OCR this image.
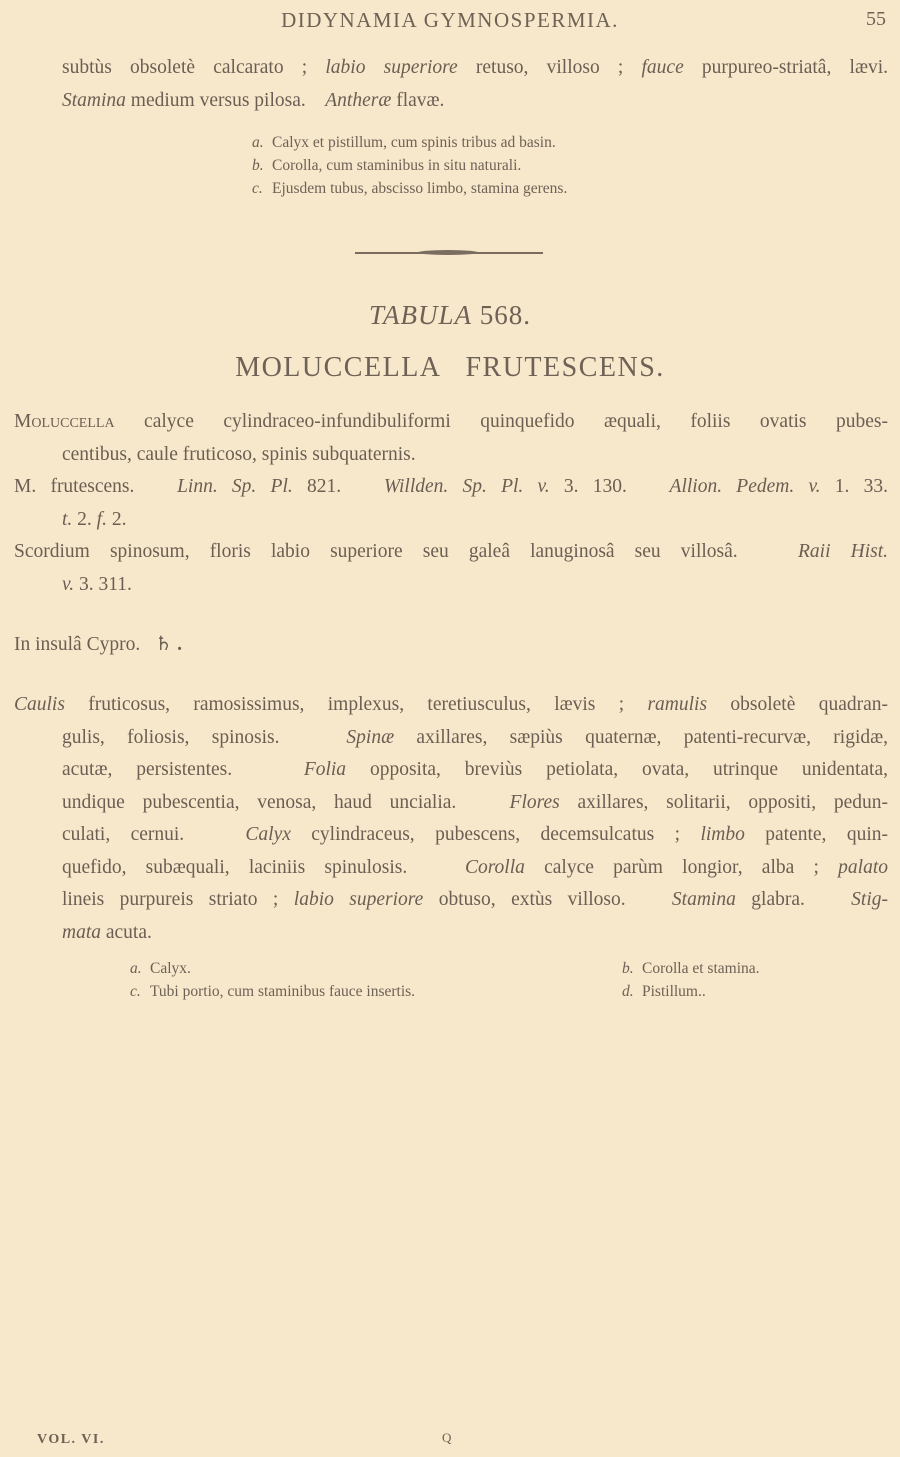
DIDYNAMIA GYMNOSPERMIA.	55
subtùs obsoletè calcarato ; labio superiore retuso, villoso ; fauce purpureo-striatâ, lævi.
Stamina medium versus pilosa.    Antheræ flavæ.
a. Calyx et pistillum, cum spinis tribus ad basin.
b. Corolla, cum staminibus in situ naturali.
c. Ejusdem tubus, abscisso limbo, stamina gerens.
TABULA 568.
MOLUCCELLA   FRUTESCENS.
Moluccella calyce cylindraceo-infundibuliformi quinquefido æquali, foliis ovatis pubes-
centibus, caule fruticoso, spinis subquaternis.
M. frutescens.   Linn. Sp. Pl. 821.   Willden. Sp. Pl. v. 3. 130.   Allion. Pedem. v. 1. 33.
t. 2. f. 2.
Scordium spinosum, floris labio superiore seu galeâ lanuginosâ seu villosâ.   Raii Hist.
v. 3. 311.
In insulâ Cypro. ♄ .
Caulis fruticosus, ramosissimus, implexus, teretiusculus, lævis ; ramulis obsoletè quadran-
gulis, foliosis, spinosis.   Spinæ axillares, sæpiùs quaternæ, patenti-recurvæ, rigidæ,
acutæ, persistentes.   Folia opposita, breviùs petiolata, ovata, utrinque unidentata,
undique pubescentia, venosa, haud uncialia.   Flores axillares, solitarii, oppositi, pedun-
culati, cernui.   Calyx cylindraceus, pubescens, decemsulcatus ; limbo patente, quin-
quefido, subæquali, laciniis spinulosis.   Corolla calyce parùm longior, alba ; palato
lineis purpureis striato ; labio superiore obtuso, extùs villoso.   Stamina glabra.   Stig-
mata acuta.
a. Calyx.
c. Tubi portio, cum staminibus fauce insertis.
b. Corolla et stamina.
d. Pistillum..
VOL. VI.	Q
